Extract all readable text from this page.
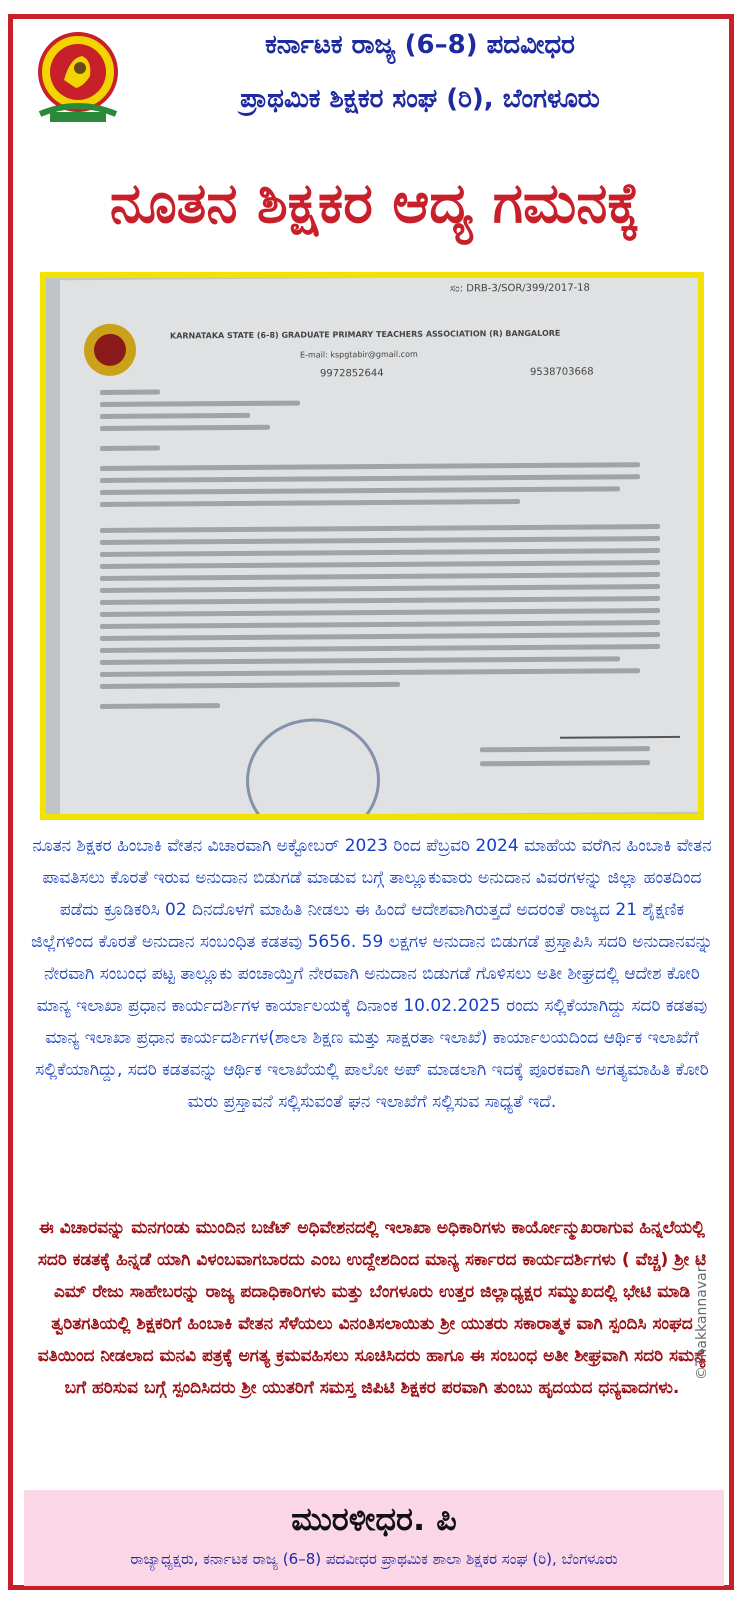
ಕರ್ನಾಟಕ ರಾಜ್ಯ (6–8) ಪದವೀಧರ
ಪ್ರಾಥಮಿಕ ಶಿಕ್ಷಕರ ಸಂಘ (ರಿ), ಬೆಂಗಳೂರು
ನೂತನ ಶಿಕ್ಷಕರ ಆದ್ಯ ಗಮನಕ್ಕೆ
ಸಂ: DRB-3/SOR/399/2017-18
KARNATAKA STATE (6-8) GRADUATE PRIMARY TEACHERS ASSOCIATION (R) BANGALORE
E-mail: kspgtabir@gmail.com
9972852644	9538703668
ನೂತನ ಶಿಕ್ಷಕರ ಹಿಂಬಾಕಿ ವೇತನ ವಿಚಾರವಾಗಿ ಅಕ್ಟೋಬರ್ 2023 ರಿಂದ ಪೆಬ್ರವರಿ 2024 ಮಾಹೆಯ ವರೆಗಿನ ಹಿಂಬಾಕಿ ವೇತನ ಪಾವತಿಸಲು ಕೊರತೆ ಇರುವ ಅನುದಾನ ಬಿಡುಗಡೆ ಮಾಡುವ ಬಗ್ಗೆ ತಾಲ್ಲೂಕುವಾರು ಅನುದಾನ ವಿವರಗಳನ್ನು ಜಿಲ್ಲಾ ಹಂತದಿಂದ ಪಡೆದು ಕ್ರೂಡಿಕರಿಸಿ 02 ದಿನದೊಳಗೆ ಮಾಹಿತಿ ನೀಡಲು ಈ ಹಿಂದೆ ಆದೇಶವಾಗಿರುತ್ತದೆ ಅದರಂತೆ ರಾಜ್ಯದ 21 ಶೈಕ್ಷಣಿಕ ಜಿಲ್ಲೆಗಳಿಂದ ಕೊರತೆ ಅನುದಾನ ಸಂಬಂಧಿತ ಕಡತವು 5656. 59 ಲಕ್ಷಗಳ ಅನುದಾನ ಬಿಡುಗಡೆ ಪ್ರಸ್ತಾಪಿಸಿ ಸದರಿ ಅನುದಾನವನ್ನು ನೇರವಾಗಿ ಸಂಬಂಧ ಪಟ್ಟ ತಾಲ್ಲೂಕು ಪಂಚಾಯ್ತಿಗೆ ನೇರವಾಗಿ ಅನುದಾನ ಬಿಡುಗಡೆ ಗೊಳಿಸಲು ಅತೀ ಶೀಘ್ರದಲ್ಲಿ ಆದೇಶ ಕೋರಿ ಮಾನ್ಯ ಇಲಾಖಾ ಪ್ರಧಾನ ಕಾರ್ಯದರ್ಶಿಗಳ ಕಾರ್ಯಾಲಯಕ್ಕೆ ದಿನಾಂಕ 10.02.2025 ರಂದು ಸಲ್ಲಿಕೆಯಾಗಿದ್ದು ಸದರಿ ಕಡತವು ಮಾನ್ಯ ಇಲಾಖಾ ಪ್ರಧಾನ ಕಾರ್ಯದರ್ಶಿಗಳ(ಶಾಲಾ ಶಿಕ್ಷಣ ಮತ್ತು ಸಾಕ್ಷರತಾ ಇಲಾಖೆ) ಕಾರ್ಯಾಲಯದಿಂದ ಆರ್ಥಿಕ ಇಲಾಖೆಗೆ ಸಲ್ಲಿಕೆಯಾಗಿದ್ದು, ಸದರಿ ಕಡತವನ್ನು ಆರ್ಥಿಕ ಇಲಾಖೆಯಲ್ಲಿ ಪಾಲೋ ಅಪ್ ಮಾಡಲಾಗಿ ಇದಕ್ಕೆ ಪೂರಕವಾಗಿ ಅಗತ್ಯಮಾಹಿತಿ ಕೋರಿ ಮರು ಪ್ರಸ್ತಾವನೆ ಸಲ್ಲಿಸುವಂತೆ ಘನ ಇಲಾಖೆಗೆ ಸಲ್ಲಿಸುವ ಸಾಧ್ಯತೆ ಇದೆ.
ಈ ವಿಚಾರವನ್ನು ಮನಗಂಡು ಮುಂದಿನ ಬಜೆಟ್ ಅಧಿವೇಶನದಲ್ಲಿ ಇಲಾಖಾ ಅಧಿಕಾರಿಗಳು ಕಾರ್ಯೋನ್ಮುಖರಾಗುವ ಹಿನ್ನಲೆಯಲ್ಲಿ ಸದರಿ ಕಡತಕ್ಕೆ ಹಿನ್ನಡೆ ಯಾಗಿ ವಿಳಂಬವಾಗಬಾರದು ಎಂಬ ಉದ್ದೇಶದಿಂದ ಮಾನ್ಯ ಸರ್ಕಾರದ ಕಾರ್ಯದರ್ಶಿಗಳು ( ವೆಚ್ಚ) ಶ್ರೀ ಟಿ ಎಮ್ ರೇಜು ಸಾಹೇಬರನ್ನು ರಾಜ್ಯ ಪದಾಧಿಕಾರಿಗಳು ಮತ್ತು ಬೆಂಗಳೂರು ಉತ್ತರ ಜಿಲ್ಲಾಧ್ಯಕ್ಷರ ಸಮ್ಮುಖದಲ್ಲಿ ಭೇಟಿ ಮಾಡಿ ತ್ವರಿತಗತಿಯಲ್ಲಿ ಶಿಕ್ಷಕರಿಗೆ ಹಿಂಬಾಕಿ ವೇತನ ಸೆಳೆಯಲು ವಿನಂತಿಸಲಾಯಿತು ಶ್ರೀ ಯುತರು ಸಕಾರಾತ್ಮಕ ವಾಗಿ ಸ್ಪಂದಿಸಿ ಸಂಘದ ವತಿಯಿಂದ ನೀಡಲಾದ ಮನವಿ ಪತ್ರಕ್ಕೆ ಅಗತ್ಯ ಕ್ರಮವಹಿಸಲು ಸೂಚಿಸಿದರು ಹಾಗೂ ಈ ಸಂಬಂಧ ಅತೀ ಶೀಘ್ರವಾಗಿ ಸದರಿ ಸಮಸ್ಯೆ ಬಗೆ ಹರಿಸುವ ಬಗ್ಗೆ ಸ್ಪಂದಿಸಿದರು ಶ್ರೀ ಯುತರಿಗೆ ಸಮಸ್ತ ಜಿಪಿಟಿ ಶಿಕ್ಷಕರ ಪರವಾಗಿ ತುಂಬು ಹೃದಯದ ಧನ್ಯವಾದಗಳು.
ಮುರಳೀಧರ. ಪಿ
ರಾಜ್ಯಾಧ್ಯಕ್ಷರು, ಕರ್ನಾಟಕ ರಾಜ್ಯ (6–8) ಪದವೀಧರ ಪ್ರಾಥಮಿಕ ಶಾಲಾ ಶಿಕ್ಷಕರ ಸಂಘ (ರಿ), ಬೆಂಗಳೂರು
©Thakkannavar
